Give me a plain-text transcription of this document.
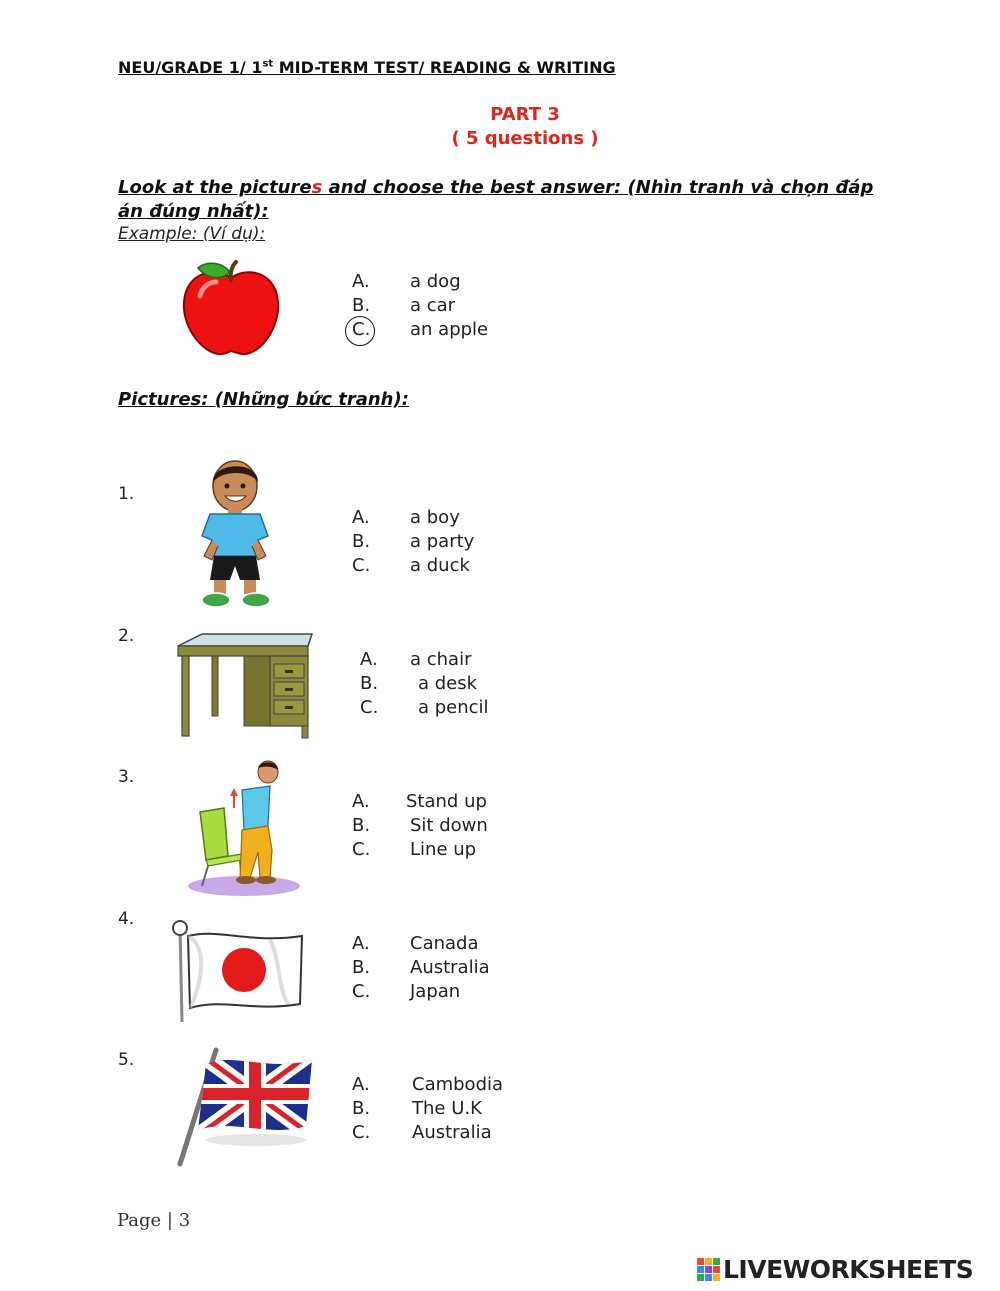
NEU/GRADE 1/ 1st MID-TERM TEST/ READING & WRITING
PART 3
( 5 questions )
Look at the pictures and choose the best answer: (Nhìn tranh và chọn đáp án đúng nhất):
Example: (Ví dụ):
A. a dog
B. a car
C. an apple
Pictures: (Những bức tranh):
1.
A. a boy
B. a party
C. a duck
2.
A. a chair
B. a desk
C. a pencil
3.
A. Stand up
B. Sit down
C. Line up
4.
A. Canada
B. Australia
C. Japan
5.
A. Cambodia
B. The U.K
C. Australia
Page | 3
LIVEWORKSHEETS
